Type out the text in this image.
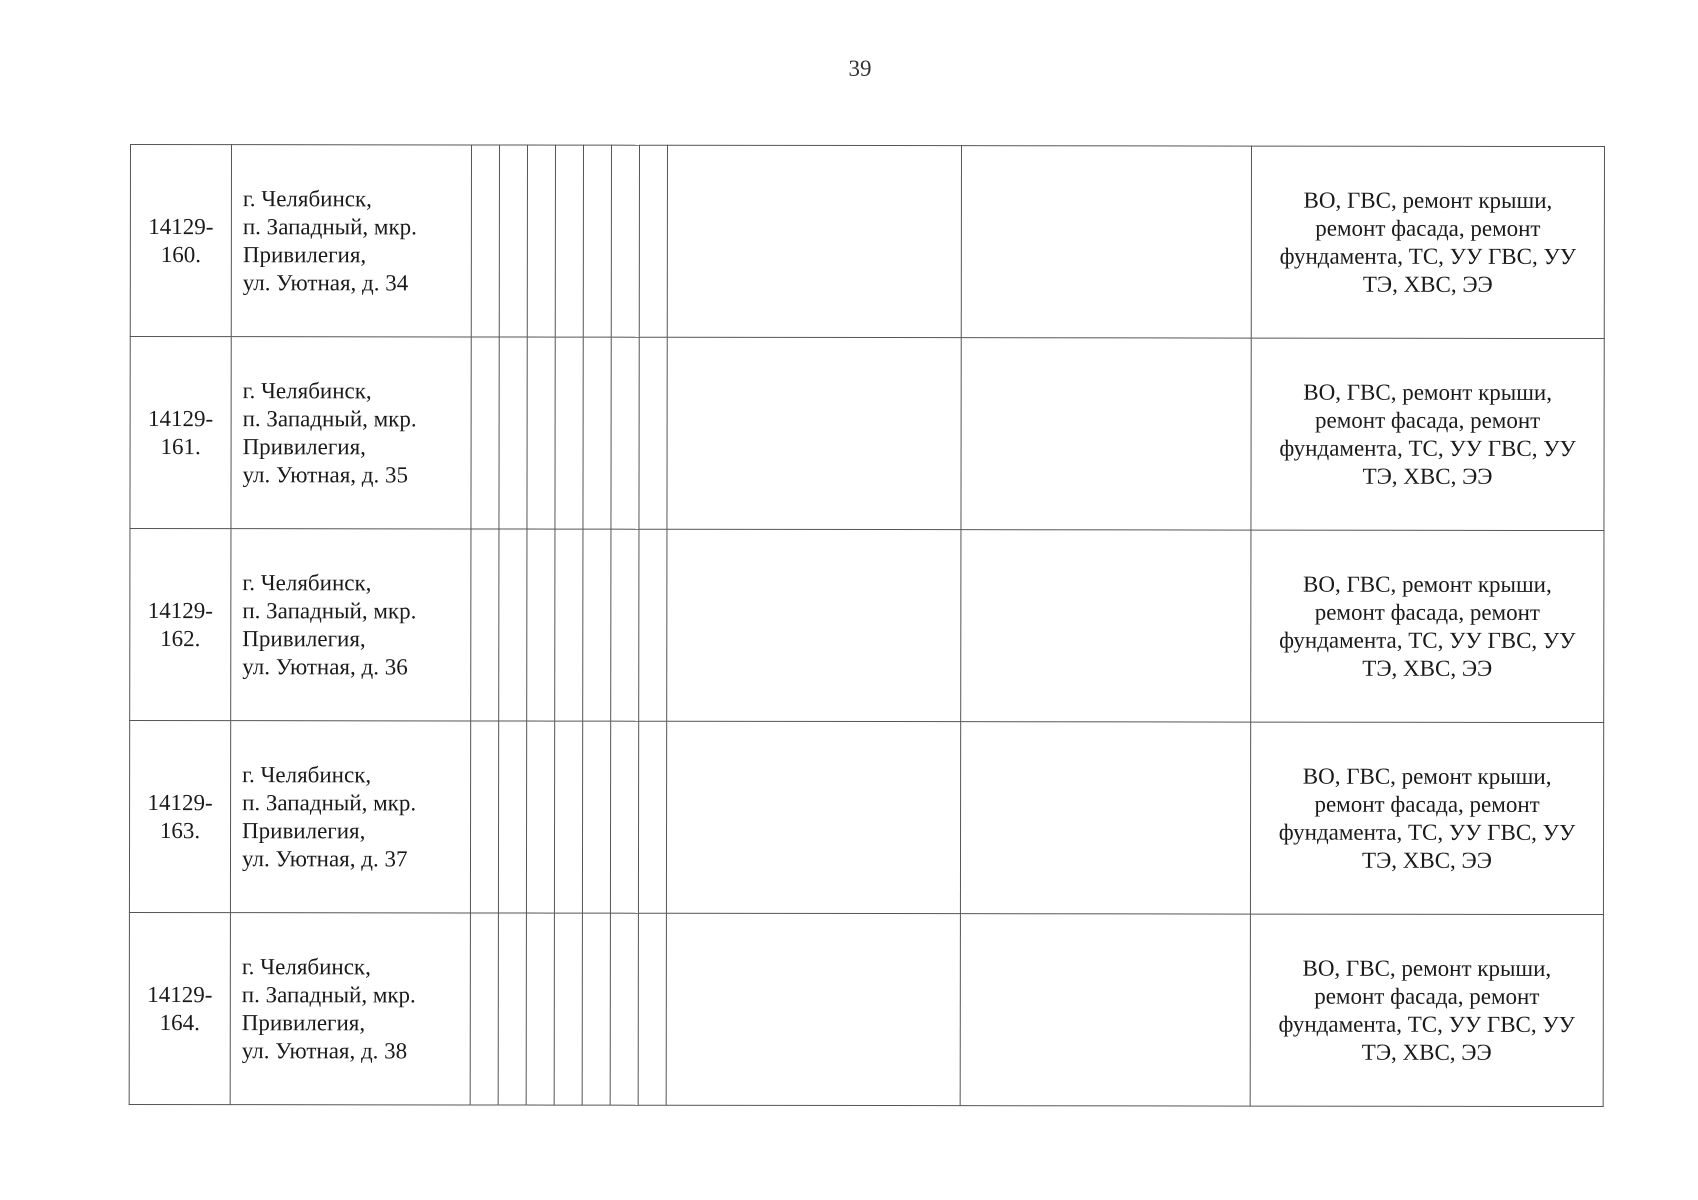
39
14129-
160.	г. Челябинск,
п. Западный, мкр.
Привилегия,
ул. Уютная, д. 34										ВО, ГВС, ремонт крыши,
ремонт фасада, ремонт
фундамента, ТС, УУ ГВС, УУ
ТЭ, ХВС, ЭЭ

14129-
161.	г. Челябинск,
п. Западный, мкр.
Привилегия,
ул. Уютная, д. 35										ВО, ГВС, ремонт крыши,
ремонт фасада, ремонт
фундамента, ТС, УУ ГВС, УУ
ТЭ, ХВС, ЭЭ

14129-
162.	г. Челябинск,
п. Западный, мкр.
Привилегия,
ул. Уютная, д. 36										ВО, ГВС, ремонт крыши,
ремонт фасада, ремонт
фундамента, ТС, УУ ГВС, УУ
ТЭ, ХВС, ЭЭ

14129-
163.	г. Челябинск,
п. Западный, мкр.
Привилегия,
ул. Уютная, д. 37										ВО, ГВС, ремонт крыши,
ремонт фасада, ремонт
фундамента, ТС, УУ ГВС, УУ
ТЭ, ХВС, ЭЭ

14129-
164.	г. Челябинск,
п. Западный, мкр.
Привилегия,
ул. Уютная, д. 38										ВО, ГВС, ремонт крыши,
ремонт фасада, ремонт
фундамента, ТС, УУ ГВС, УУ
ТЭ, ХВС, ЭЭ
